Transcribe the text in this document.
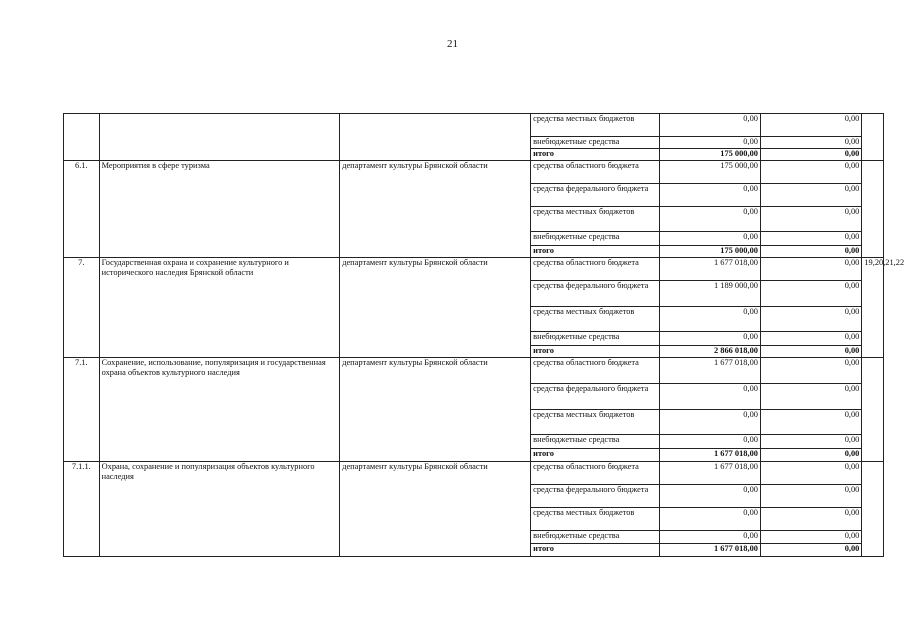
21
			средства местных бюджетов	0,00	0,00	
			внебюджетные средства	0,00	0,00	
			итого	175 000,00	0,00	
6.1.	Мероприятия в сфере туризма	департамент культуры Брянской области	средства областного бюджета	175 000,00	0,00	
			средства федерального бюджета	0,00	0,00	
			средства местных бюджетов	0,00	0,00	
			внебюджетные средства	0,00	0,00	
			итого	175 000,00	0,00	
7.	Государственная охрана и сохранение культурного и исторического наследия Брянской области	департамент культуры Брянской области	средства областного бюджета	1 677 018,00	0,00	19,20,21,22
			средства федерального бюджета	1 189 000,00	0,00	
			средства местных бюджетов	0,00	0,00	
			внебюджетные средства	0,00	0,00	
			итого	2 866 018,00	0,00	
7.1.	Сохранение, использование, популяризация и государственная охрана объектов культурного наследия	департамент культуры Брянской области	средства областного бюджета	1 677 018,00	0,00	
			средства федерального бюджета	0,00	0,00	
			средства местных бюджетов	0,00	0,00	
			внебюджетные средства	0,00	0,00	
			итого	1 677 018,00	0,00	
7.1.1.	Охрана, сохранение и популяризация объектов культурного наследия	департамент культуры Брянской области	средства областного бюджета	1 677 018,00	0,00	
			средства федерального бюджета	0,00	0,00	
			средства местных бюджетов	0,00	0,00	
			внебюджетные средства	0,00	0,00	
			итого	1 677 018,00	0,00	
